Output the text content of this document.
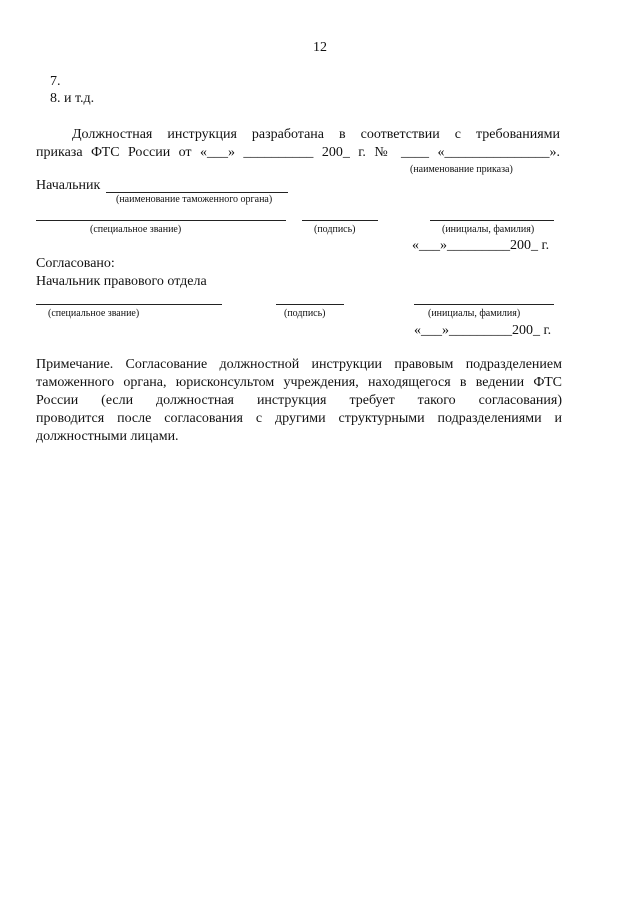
12
7.
8. и т.д.
Должностная инструкция разработана в соответствии с требованиями
приказа ФТС России от «___» __________ 200_ г. № ____ «_______________».
(наименование приказа)
Начальник
(наименование таможенного органа)
(специальное звание)	(подпись)	(инициалы, фамилия)
«___»_________200_ г.
Согласовано:
Начальник правового отдела
(специальное звание)	(подпись)	(инициалы, фамилия)
«___»_________200_ г.
Примечание. Согласование должностной инструкции правовым подразделением
таможенного органа, юрисконсультом учреждения, находящегося в ведении ФТС
России (если должностная инструкция требует такого согласования)
проводится после согласования с другими структурными подразделениями и
должностными лицами.
